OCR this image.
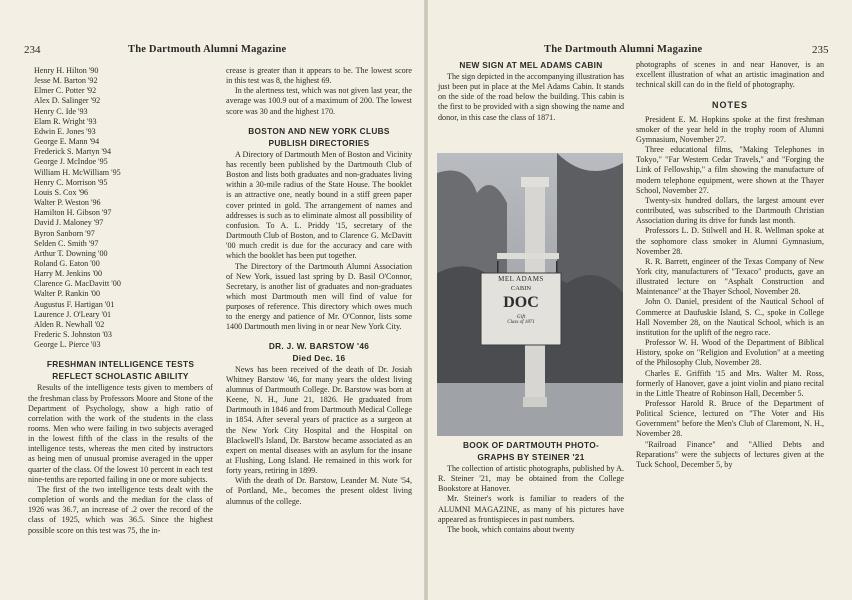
234	The Dartmouth Alumni Magazine
Henry H. Hilton '90
Jesse M. Barton '92
Elmer C. Potter '92
Alex D. Salinger '92
Henry C. Ide '93
Elam R. Wright '93
Edwin E. Jones '93
George E. Mann '94
Frederick S. Martyn '94
George J. McIndoe '95
William H. McWilliam '95
Henry C. Morrison '95
Louis S. Cox '96
Walter P. Weston '96
Hamilton H. Gibson '97
David J. Maloney '97
Byron Sanborn '97
Selden C. Smith '97
Arthur T. Downing '00
Roland G. Eaton '00
Harry M. Jenkins '00
Clarence G. MacDavitt '00
Walter P. Rankin '00
Augustus F. Hartigan '01
Laurence J. O'Leary '01
Alden R. Newhall '02
Frederic S. Johnston '03
George L. Pierce '03
FRESHMAN INTELLIGENCE TESTS
REFLECT SCHOLASTIC ABILITY

Results of the intelligence tests given to members of the freshman class by Professors Moore and Stone of the Department of Psychology, show a high ratio of correlation with the work of the students in the class rooms. Men who were failing in two subjects averaged in the lowest fifth of the class in the results of the intelligence tests, whereas the men cited by instructors as being men of unusual promise averaged in the upper quarter of the class. Of the lowest 10 percent in each test nine-tenths are reported failing in one or more subjects.

The first of the two intelligence tests dealt with the completion of words and the median for the class of 1926 was 36.7, an increase of .2 over the record of the class of 1925, which was 36.5. Since the highest possible score on this test was 75, the in-

crease is greater than it appears to be. The lowest score in this test was 8, the highest 69.

In the alertness test, which was not given last year, the average was 100.9 out of a maximum of 200. The lowest score was 30 and the highest 170.

BOSTON AND NEW YORK CLUBS
PUBLISH DIRECTORIES

A Directory of Dartmouth Men of Boston and Vicinity has recently been published by the Dartmouth Club of Boston and lists both graduates and non-graduates living within a 30-mile radius of the State House. The booklet is an attractive one, neatly bound in a stiff green paper cover printed in gold. The arrangement of names and addresses is such as to eliminate almost all possibility of confusion. To A. L. Priddy '15, secretary of the Dartmouth Club of Boston, and to Clarence G. McDavitt '00 much credit is due for the accuracy and care with which the booklet has been put together.

The Directory of the Dartmouth Alumni Association of New York, issued last spring by D. Basil O'Connor, Secretary, is another list of graduates and non-graduates which most Dartmouth men will find of value for purposes of reference. This directory which owes much to the energy and patience of Mr. O'Connor, lists some 1400 Dartmouth men living in or near New York City.

DR. J. W. BARSTOW '46
Died Dec. 16

News has been received of the death of Dr. Josiah Whitney Barstow '46, for many years the oldest living alumnus of Dartmouth College. Dr. Barstow was born at Keene, N. H., June 21, 1826. He graduated from Dartmouth in 1846 and from Dartmouth Medical College in 1854. After several years of practice as a surgeon at the New York City Hospital and the Hospital on Blackwell's Island, Dr. Barstow became associated as an expert on mental diseases with an asylum for the insane at Flushing, Long Island. He remained in this work for forty years, retiring in 1899.

With the death of Dr. Barstow, Leander M. Nute '54, of Portland, Me., becomes the present oldest living alumnus of the college.

The Dartmouth Alumni Magazine	235
NEW SIGN AT MEL ADAMS CABIN

The sign depicted in the accompanying illustration has just been put in place at the Mel Adams Cabin. It stands on the side of the road below the building. This cabin is the first to be provided with a sign showing the name and donor, in this case the class of 1871.

MEL ADAMS
CABIN
DOC
Gift
Class of 1871
BOOK OF DARTMOUTH PHOTO-
GRAPHS BY STEINER '21

The collection of artistic photographs, published by A. R. Steiner '21, may be obtained from the College Bookstore at Hanover.

Mr. Steiner's work is familiar to readers of the ALUMNI MAGAZINE, as many of his pictures have appeared as frontispieces in past numbers.

The book, which contains about twenty

photographs of scenes in and near Hanover, is an excellent illustration of what an artistic imagination and technical skill can do in the field of photography.

NOTES

President E. M. Hopkins spoke at the first freshman smoker of the year held in the trophy room of Alumni Gymnasium, November 27.

Three educational films, "Making Telephones in Tokyo," "Far Western Cedar Travels," and "Forging the Link of Fellowship," a film showing the manufacture of modern telephone equipment, were shown at the Thayer School, November 27.

Twenty-six hundred dollars, the largest amount ever contributed, was subscribed to the Dartmouth Christian Association during its drive for funds last month.

Professors L. D. Stilwell and H. R. Wellman spoke at the sophomore class smoker in Alumni Gymnasium, November 28.

R. R. Barrett, engineer of the Texas Company of New York city, manufacturers of "Texaco" products, gave an illustrated lecture on "Asphalt Construction and Maintenance" at the Thayer School, November 28.

John O. Daniel, president of the Nautical School of Commerce at Daufuskie Island, S. C., spoke in College Hall November 28, on the Nautical School, which is an institution for the uplift of the negro race.

Professor W. H. Wood of the Department of Biblical History, spoke on "Religion and Evolution" at a meeting of the Philosophy Club, November 28.

Charles E. Griffith '15 and Mrs. Walter M. Ross, formerly of Hanover, gave a joint violin and piano recital in the Little Theatre of Robinson Hall, December 5.

Professor Harold R. Bruce of the Department of Political Science, lectured on "The Voter and His Government" before the Men's Club of Claremont, N. H., November 28.

"Railroad Finance" and "Allied Debts and Reparations" were the subjects of lectures given at the Tuck School, December 5, by
